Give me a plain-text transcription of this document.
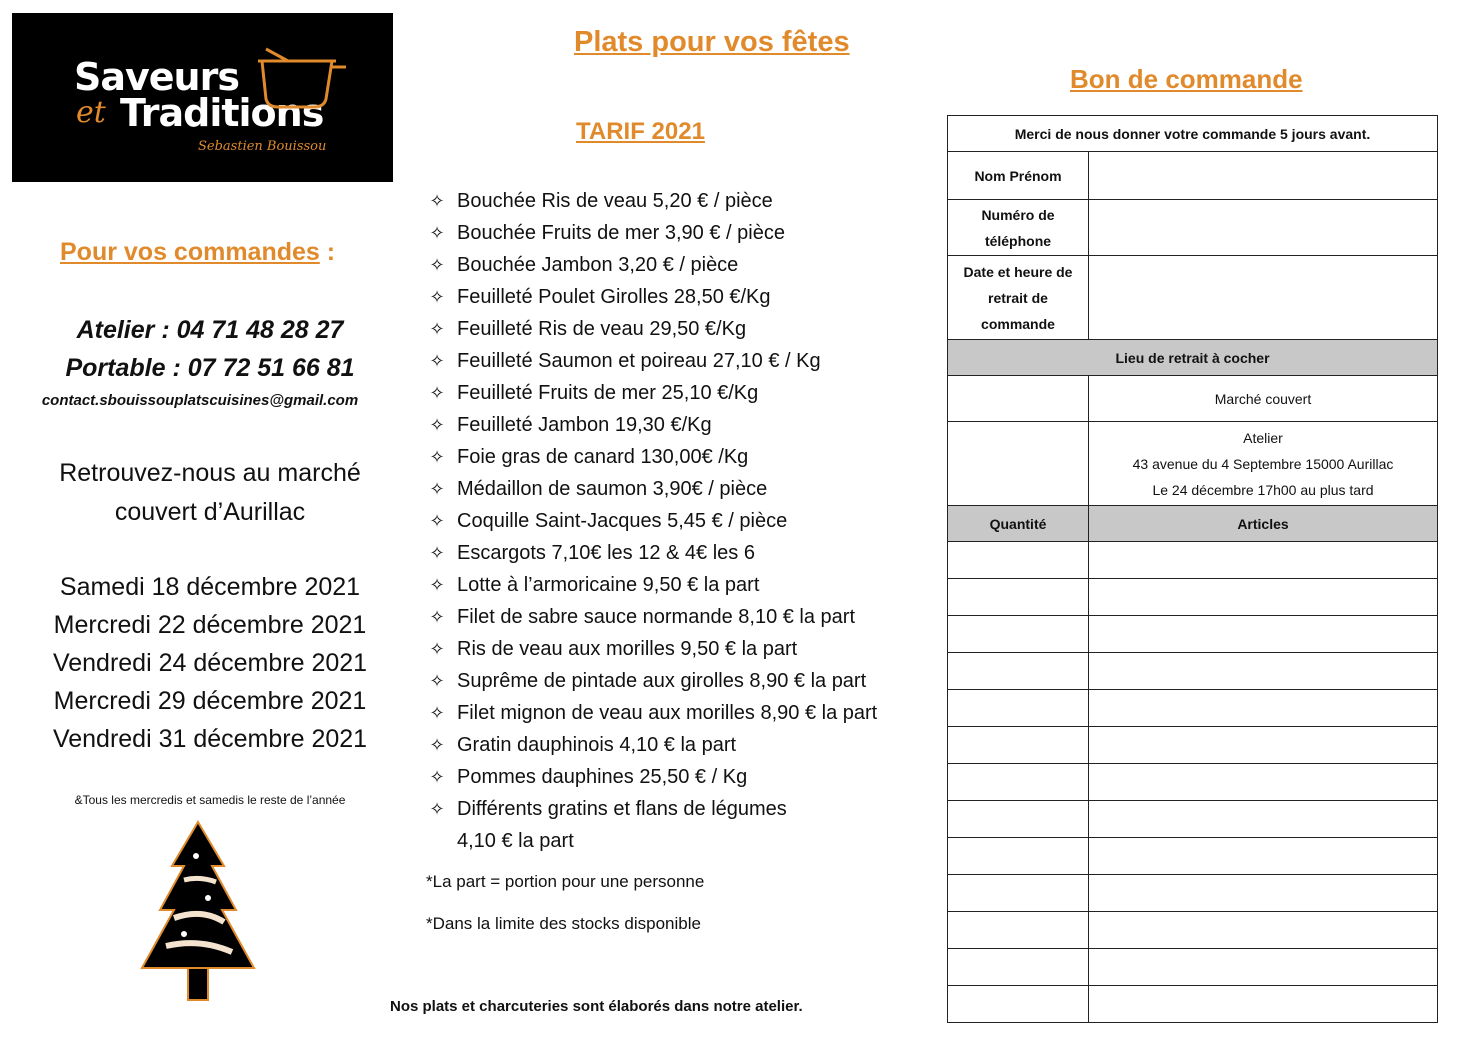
Saveurs
et Traditions
Sebastien Bouissou
Plats pour vos fêtes
TARIF 2021
Bon de commande
Pour vos commandes :
Atelier : 04 71 48 28 27
Portable : 07 72 51 66 81
contact.sbouissouplatscuisines@gmail.com
Retrouvez-nous au marché
couvert d’Aurillac
Samedi 18 décembre 2021
Mercredi 22 décembre 2021
Vendredi 24 décembre 2021
Mercredi 29 décembre 2021
Vendredi 31 décembre 2021
&Tous les mercredis et samedis le reste de l’année
✧ Bouchée Ris de veau 5,20 € / pièce
✧ Bouchée Fruits de mer 3,90 € / pièce
✧ Bouchée Jambon 3,20 € / pièce
✧ Feuilleté Poulet Girolles 28,50 €/Kg
✧ Feuilleté Ris de veau 29,50 €/Kg
✧ Feuilleté Saumon et poireau 27,10 € / Kg
✧ Feuilleté Fruits de mer 25,10 €/Kg
✧ Feuilleté Jambon 19,30 €/Kg
✧ Foie gras de canard 130,00€ /Kg
✧ Médaillon de saumon 3,90€ / pièce
✧ Coquille Saint-Jacques 5,45 € / pièce
✧ Escargots 7,10€ les 12 & 4€ les 6
✧ Lotte à l’armoricaine 9,50 € la part
✧ Filet de sabre sauce normande 8,10 € la part
✧ Ris de veau aux morilles 9,50 € la part
✧ Suprême de pintade aux girolles 8,90 € la part
✧ Filet mignon de veau aux morilles 8,90 € la part
✧ Gratin dauphinois 4,10 € la part
✧ Pommes dauphines 25,50 € / Kg
✧ Différents gratins et flans de légumes
4,10 € la part
*La part = portion pour une personne
*Dans la limite des stocks disponible
Nos plats et charcuteries sont élaborés dans notre atelier.
Merci de nous donner votre commande 5 jours avant.	
Nom Prénom	

Numéro de
téléphone	

Date et heure de
retrait de
commande	

Lieu de retrait à cocher	
	Marché couvert

	Atelier
43 avenue du 4 Septembre 15000 Aurillac
Le 24 décembre 17h00 au plus tard

Quantité	Articles
